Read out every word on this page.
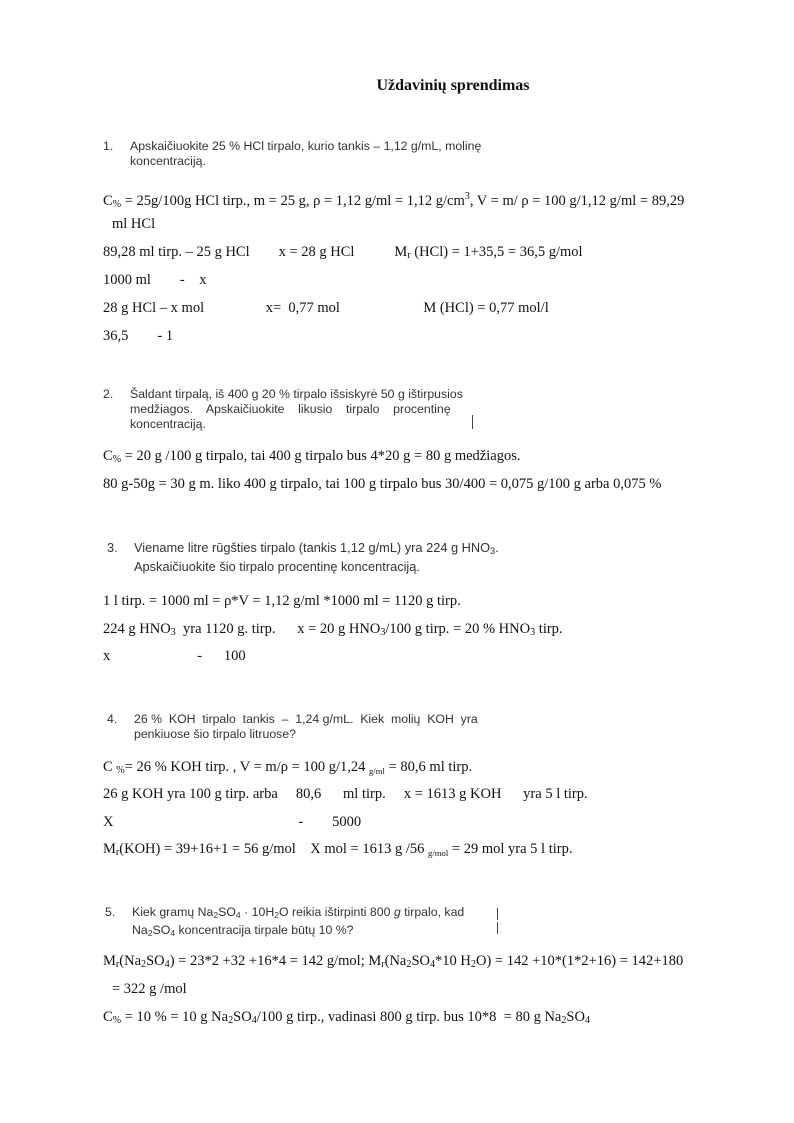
Uždavinių sprendimas
1. Apskaičiuokite 25 % HCl tirpalo, kurio tankis – 1,12 g/mL, molinę
koncentraciją.
$C_{\%} = 25g/100g$ HCl tirp., m = 25 g, ρ = 1,12 g/ml = 1,12 $g/cm^3$, V = m/ ρ = 100 g/1,12 g/ml = 89,29
ml HCl
89,28 ml tirp. – 25 g HCl        x = 28 g HCl           $M_r$ (HCl) = 1+35,5 = 36,5 g/mol
1000 ml        -    x
28 g HCl – x mol                 x=  0,77 mol                       M (HCl) = 0,77 mol/l
36,5        - 1
2. Šaldant tirpalą, iš 400 g 20 % tirpalo išsiskyrė 50 g ištirpusios
medžiagos.    Apskaičiuokite    likusio    tirpalo    procentinę
koncentraciją.
$C_{\%} = 20$ g /100 g tirpalo, tai 400 g tirpalo bus 4*20 g = 80 g medžiagos.
80 g-50g = 30 g m. liko 400 g tirpalo, tai 100 g tirpalo bus 30/400 = 0,075 g/100 g arba 0,075 %
3. Viename litre rūgšties tirpalo (tankis 1,12 g/mL) yra 224 g $HNO_3$.
Apskaičiuokite šio tirpalo procentinę koncentraciją.
1 l tirp. = 1000 ml = ρ*V = 1,12 g/ml *1000 ml = 1120 g tirp.
224 g $HNO_3$  yra 1120 g. tirp.      x = 20 g $HNO_3/100$ g tirp. = 20 % $HNO_3$ tirp.
x                        -      100
4. 26 %  KOH  tirpalo  tankis  –  1,24 g/mL.  Kiek  molių  KOH  yra
penkiuose šio tirpalo litruose?
C $_{\%}$= 26 % KOH tirp. , V = m/ρ = 100 g/1,24 $_{g/ml}$ = 80,6 ml tirp.
26 g KOH yra 100 g tirp. arba     80,6      ml tirp.     x = 1613 g KOH      yra 5 l tirp.
X                                                   -        5000
$M_r(KOH) = 39+16+1 = 56$ g/mol    X mol = 1613 g /56 $_{g/mol}$ = 29 mol yra 5 l tirp.
5. Kiek gramų $Na_2SO_4 \cdot 10H_2O$ reikia ištirpinti 800 g tirpalo, kad
$Na_2SO_4$ koncentracija tirpale būtų 10 %?
$M_r(Na_2SO_4) = 23*2 +32 +16*4 = 142$ g/mol; $M_r(Na_2SO_4*10$ $H_2O) = 142 +10*(1*2+16) = 142+180$
= 322 g /mol
$C_{\%} = 10$ % = 10 g $Na_2SO_4/100$ g tirp., vadinasi 800 g tirp. bus 10*8  = 80 g $Na_2SO_4$
